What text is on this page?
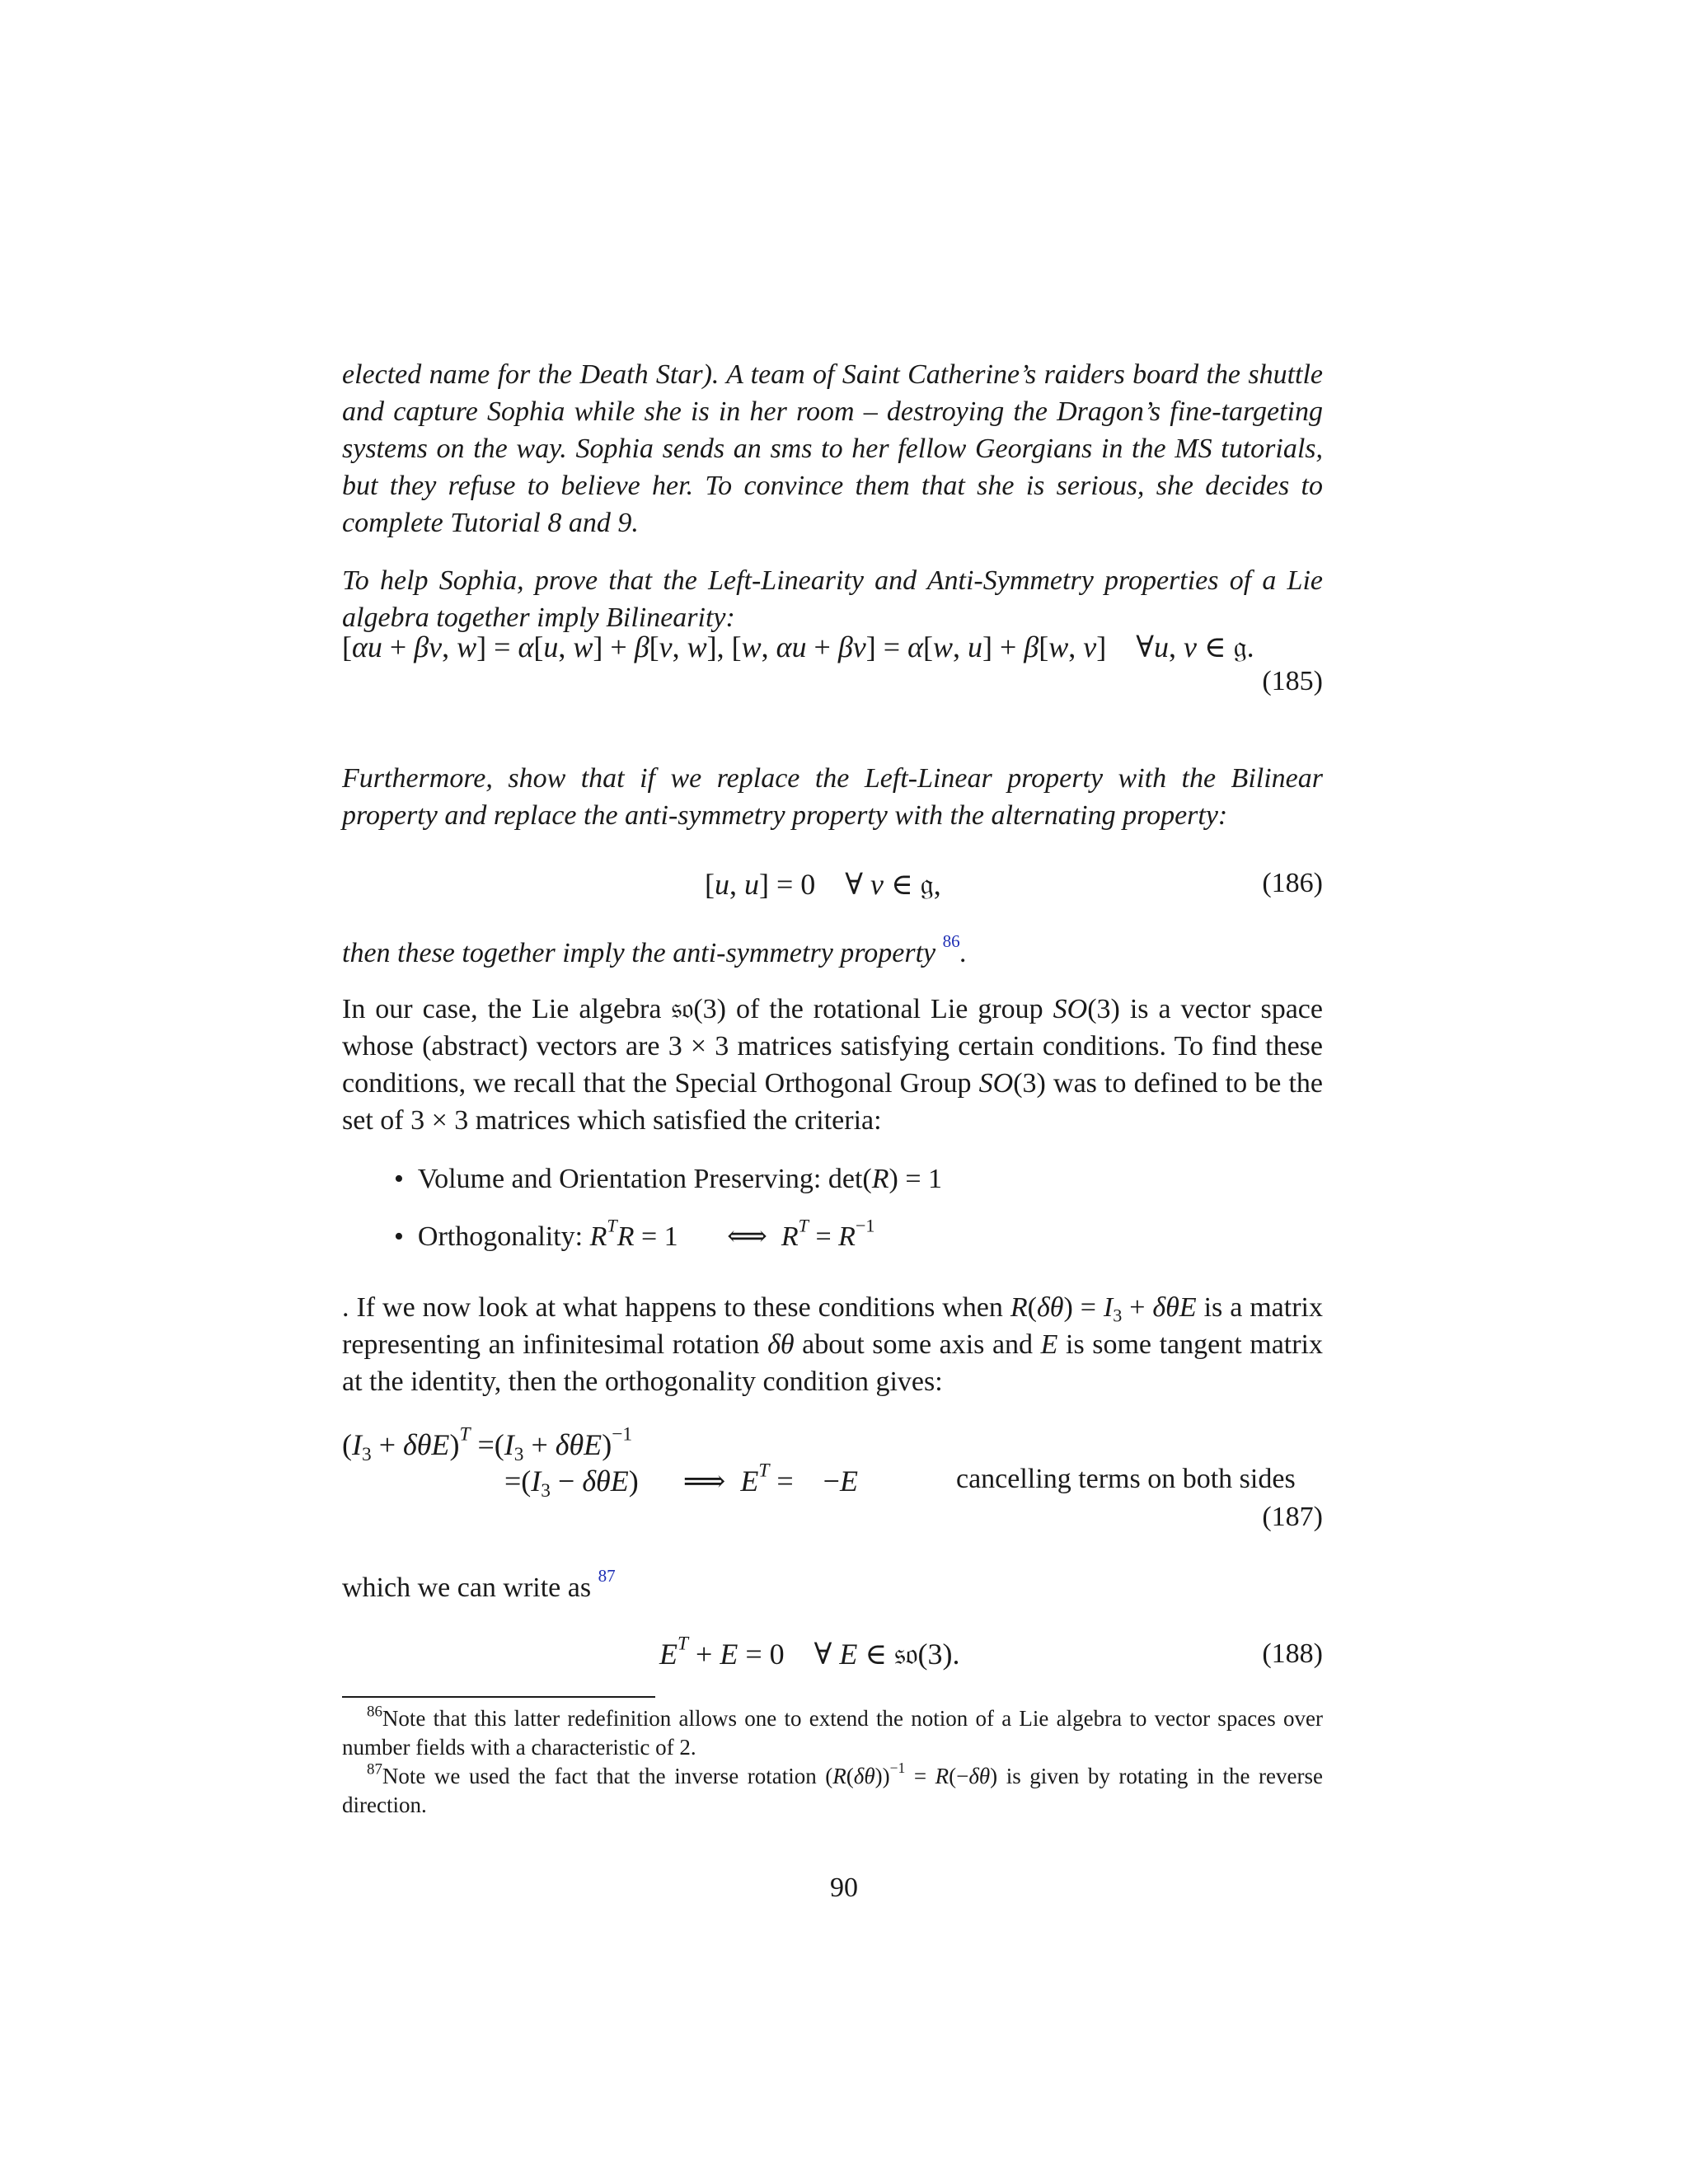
elected name for the Death Star). A team of Saint Catherine’s raiders board the shuttle and capture Sophia while she is in her room – destroying the Dragon’s fine-targeting systems on the way. Sophia sends an sms to her fellow Georgians in the MS tutorials, but they refuse to believe her. To convince them that she is serious, she decides to complete Tutorial 8 and 9.
To help Sophia, prove that the Left-Linearity and Anti-Symmetry properties of a Lie algebra together imply Bilinearity:
[αu + βv, w] = α[u, w] + β[v, w], [w, αu + βv] = α[w, u] + β[w, v]    ∀u, v ∈ 𝔤.
(185)
Furthermore, show that if we replace the Left-Linear property with the Bilinear property and replace the anti-symmetry property with the alternating property:
[u, u] = 0    ∀ v ∈ 𝔤,	(186)
then these together imply the anti-symmetry property $^{86}$.
In our case, the Lie algebra 𝔰𝔬(3) of the rotational Lie group SO(3) is a vector space whose (abstract) vectors are 3 × 3 matrices satisfying certain conditions. To find these conditions, we recall that the Special Orthogonal Group SO(3) was to defined to be the set of 3 × 3 matrices which satisfied the criteria:
•  Volume and Orientation Preserving: det(R) = 1
•  Orthogonality: $R^TR = 1$       ⟺  $R^T = R^{-1}$
. If we now look at what happens to these conditions when $R(\delta\theta) = I_3 + \delta\theta E$ is a matrix representing an infinitesimal rotation δθ about some axis and E is some tangent matrix at the identity, then the orthogonality condition gives:
$(I_3 + \delta\theta E)^T =(I_3 + \delta\theta E)^{-1}$
$=(I_3 - \delta\theta E)$      ⟹  $E^T$ =    −E	cancelling terms on both sides
(187)
which we can write as $^{87}$
$E^T + E = 0$    ∀ E ∈ 𝔰𝔬(3).	(188)
$^{86}$Note that this latter redefinition allows one to extend the notion of a Lie algebra to vector spaces over number fields with a characteristic of 2.
$^{87}$Note we used the fact that the inverse rotation $(R(\delta\theta))^{-1} = R(-\delta\theta)$ is given by rotating in the reverse direction.
90
